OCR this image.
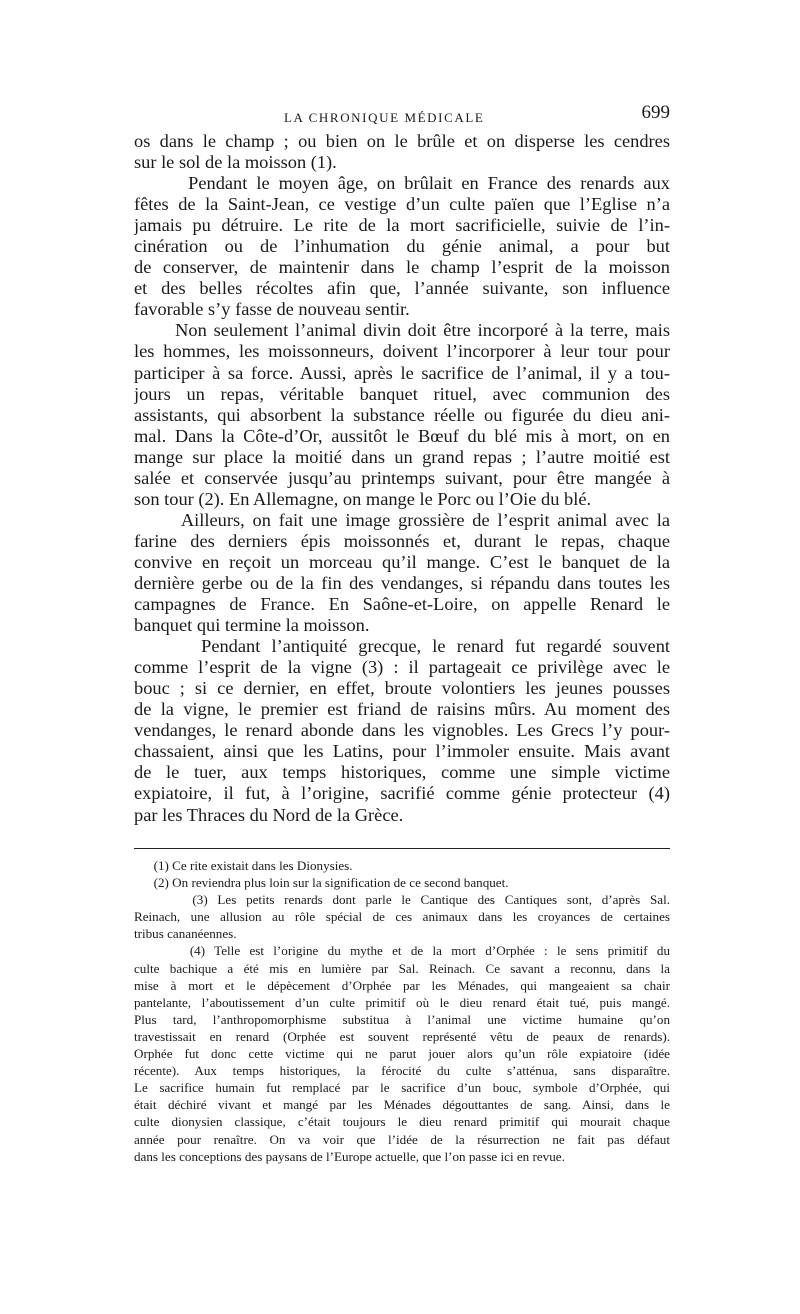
LA CHRONIQUE MÉDICALE	699
os dans le champ ; ou bien on le brûle et on disperse les cendres
sur le sol de la moisson (1).
Pendant le moyen âge, on brûlait en France des renards aux
fêtes de la Saint-Jean, ce vestige d’un culte païen que l’Eglise n’a
jamais pu détruire. Le rite de la mort sacrificielle, suivie de l’in-
cinération ou de l’inhumation du génie animal, a pour but
de conserver, de maintenir dans le champ l’esprit de la moisson
et des belles récoltes afin que, l’année suivante, son influence
favorable s’y fasse de nouveau sentir.
Non seulement l’animal divin doit être incorporé à la terre, mais
les hommes, les moissonneurs, doivent l’incorporer à leur tour pour
participer à sa force. Aussi, après le sacrifice de l’animal, il y a tou-
jours un repas, véritable banquet rituel, avec communion des
assistants, qui absorbent la substance réelle ou figurée du dieu ani-
mal. Dans la Côte-d’Or, aussitôt le Bœuf du blé mis à mort, on en
mange sur place la moitié dans un grand repas ; l’autre moitié est
salée et conservée jusqu’au printemps suivant, pour être mangée à
son tour (2). En Allemagne, on mange le Porc ou l’Oie du blé.
Ailleurs, on fait une image grossière de l’esprit animal avec la
farine des derniers épis moissonnés et, durant le repas, chaque
convive en reçoit un morceau qu’il mange. C’est le banquet de la
dernière gerbe ou de la fin des vendanges, si répandu dans toutes les
campagnes de France. En Saône-et-Loire, on appelle Renard le
banquet qui termine la moisson.
Pendant l’antiquité grecque, le renard fut regardé souvent
comme l’esprit de la vigne (3) : il partageait ce privilège avec le
bouc ; si ce dernier, en effet, broute volontiers les jeunes pousses
de la vigne, le premier est friand de raisins mûrs. Au moment des
vendanges, le renard abonde dans les vignobles. Les Grecs l’y pour-
chassaient, ainsi que les Latins, pour l’immoler ensuite. Mais avant
de le tuer, aux temps historiques, comme une simple victime
expiatoire, il fut, à l’origine, sacrifié comme génie protecteur (4)
par les Thraces du Nord de la Grèce.
(1) Ce rite existait dans les Dionysies.
(2) On reviendra plus loin sur la signification de ce second banquet.
(3) Les petits renards dont parle le Cantique des Cantiques sont, d’après Sal.
Reinach, une allusion au rôle spécial de ces animaux dans les croyances de certaines
tribus cananéennes.
(4) Telle est l’origine du mythe et de la mort d’Orphée : le sens primitif du
culte bachique a été mis en lumière par Sal. Reinach. Ce savant a reconnu, dans la
mise à mort et le dépècement d’Orphée par les Ménades, qui mangeaient sa chair
pantelante, l’aboutissement d’un culte primitif où le dieu renard était tué, puis mangé.
Plus tard, l’anthropomorphisme substitua à l’animal une victime humaine qu’on
travestissait en renard (Orphée est souvent représenté vêtu de peaux de renards).
Orphée fut donc cette victime qui ne parut jouer alors qu’un rôle expiatoire (idée
récente). Aux temps historiques, la férocité du culte s’atténua, sans disparaître.
Le sacrifice humain fut remplacé par le sacrifice d’un bouc, symbole d’Orphée, qui
était déchiré vivant et mangé par les Ménades dégouttantes de sang. Ainsi, dans le
culte dionysien classique, c’était toujours le dieu renard primitif qui mourait chaque
année pour renaître. On va voir que l’idée de la résurrection ne fait pas défaut
dans les conceptions des paysans de l’Europe actuelle, que l’on passe ici en revue.
